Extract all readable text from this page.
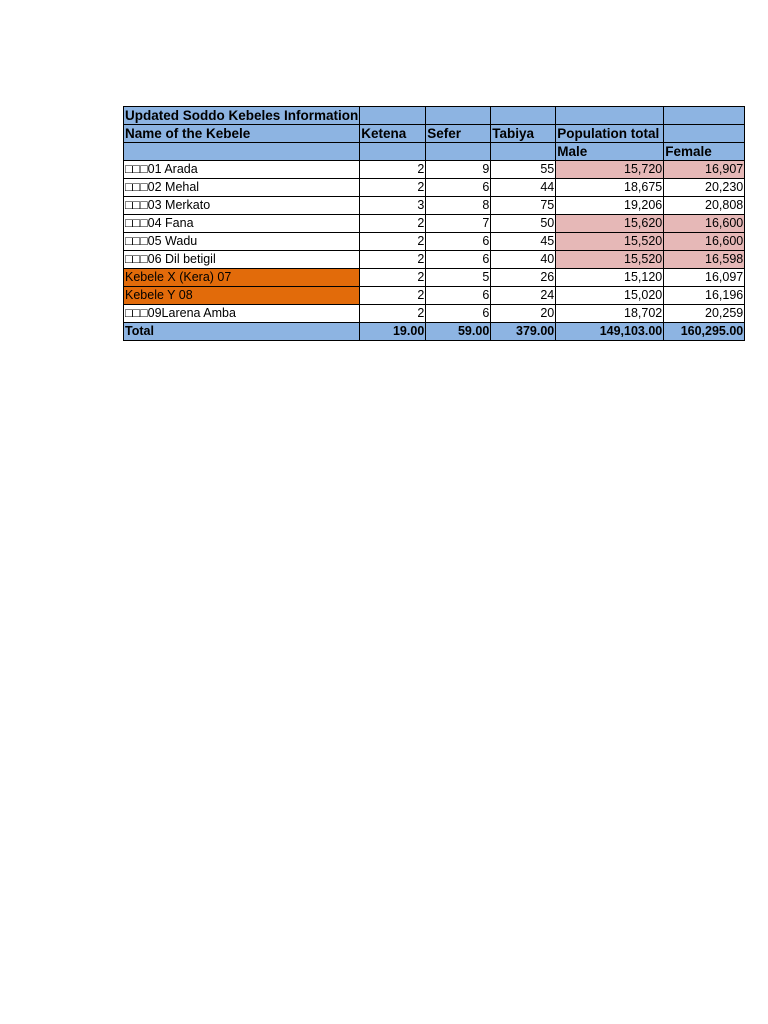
Updated Soddo Kebeles Information					
Name of the Kebele	Ketena	Sefer	Tabiya	Population total	
				Male	Female
□□□01 Arada	2	9	55	15,720	16,907
□□□02 Mehal	2	6	44	18,675	20,230
□□□03 Merkato	3	8	75	19,206	20,808
□□□04 Fana	2	7	50	15,620	16,600
□□□05 Wadu	2	6	45	15,520	16,600
□□□06 Dil betigil	2	6	40	15,520	16,598
Kebele X (Kera) 07	2	5	26	15,120	16,097
Kebele Y 08	2	6	24	15,020	16,196
□□□09Larena Amba	2	6	20	18,702	20,259
Total	19.00	59.00	379.00	149,103.00	160,295.00
